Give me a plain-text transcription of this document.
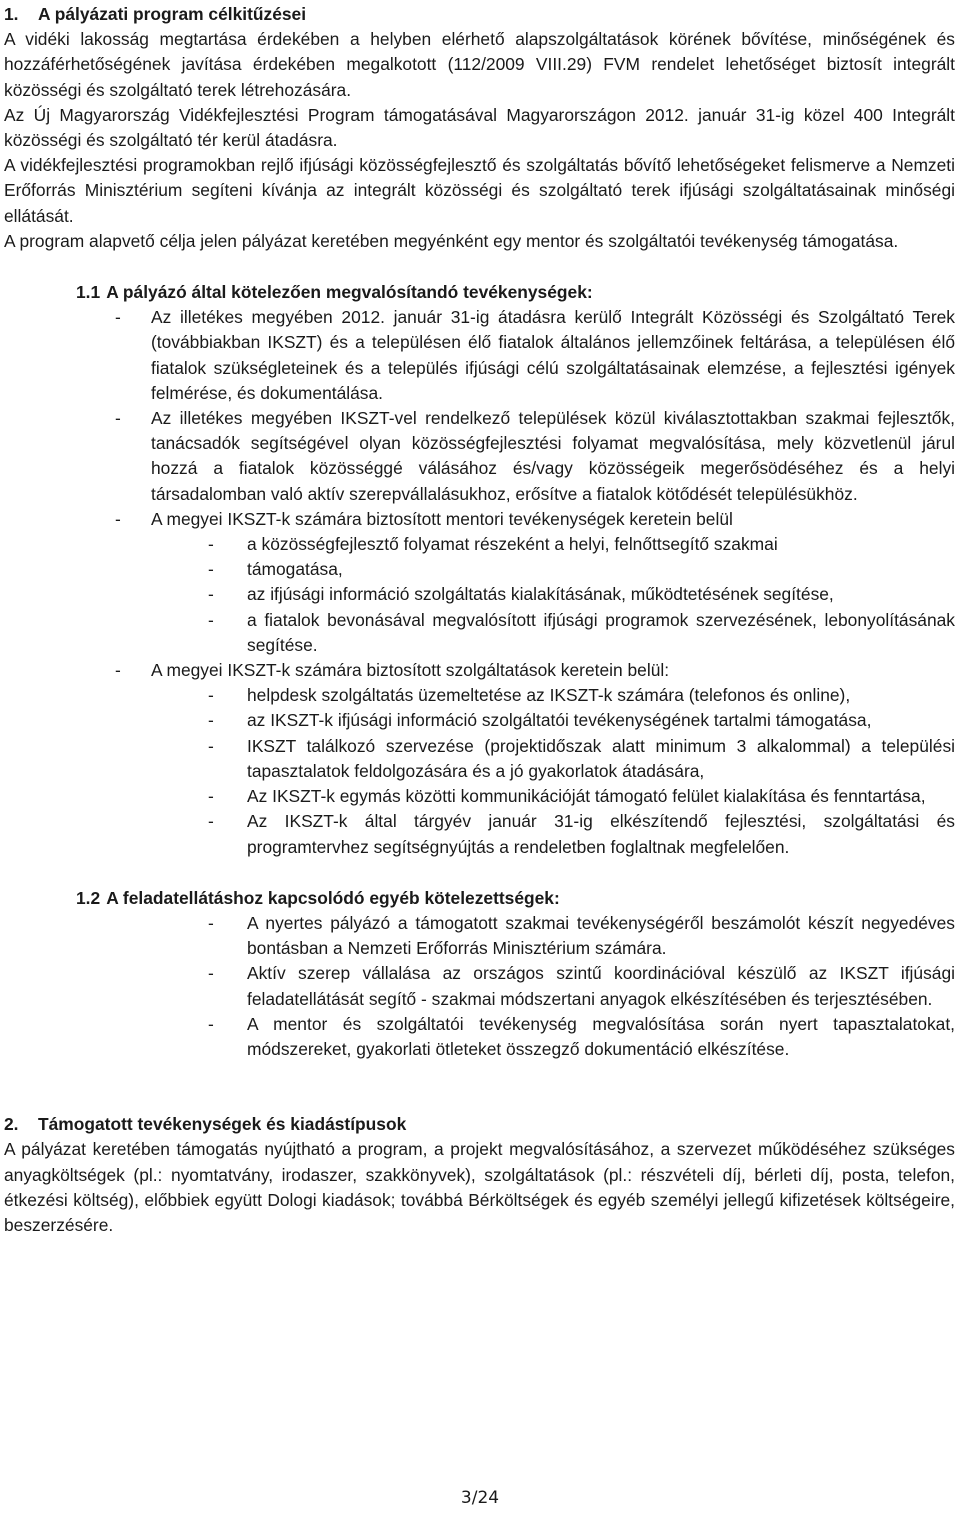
1. A pályázati program célkitűzései

A vidéki lakosság megtartása érdekében a helyben elérhető alapszolgáltatások körének bővítése, minőségének és hozzáférhetőségének javítása érdekében megalkotott (112/2009 VIII.29) FVM rendelet lehetőséget biztosít integrált közösségi és szolgáltató terek létrehozására.

Az Új Magyarország Vidékfejlesztési Program támogatásával Magyarországon 2012. január 31-ig közel 400 Integrált közösségi és szolgáltató tér kerül átadásra.

A vidékfejlesztési programokban rejlő ifjúsági közösségfejlesztő és szolgáltatás bővítő lehetőségeket felismerve a Nemzeti Erőforrás Minisztérium segíteni kívánja az integrált közösségi és szolgáltató terek ifjúsági szolgáltatásainak minőségi ellátását.

A program alapvető célja jelen pályázat keretében megyénként egy mentor és szolgáltatói tevékenység támogatása.

1.1 A pályázó által kötelezően megvalósítandó tevékenységek:
- Az illetékes megyében 2012. január 31-ig átadásra kerülő Integrált Közösségi és Szolgáltató Terek (továbbiakban IKSZT) és a településen élő fiatalok általános jellemzőinek feltárása, a településen élő fiatalok szükségleteinek és a település ifjúsági célú szolgáltatásainak elemzése, a fejlesztési igények felmérése, és dokumentálása.
- Az illetékes megyében IKSZT-vel rendelkező települések közül kiválasztottakban szakmai fejlesztők, tanácsadók segítségével olyan közösségfejlesztési folyamat megvalósítása, mely közvetlenül járul hozzá a fiatalok közösséggé válásához és/vagy közösségeik megerősödéséhez és a helyi társadalomban való aktív szerepvállalásukhoz, erősítve a fiatalok kötődését településükhöz.
- A megyei IKSZT-k számára biztosított mentori tevékenységek keretein belül
- a közösségfejlesztő folyamat részeként a helyi, felnőttsegítő szakmai
- támogatása,
- az ifjúsági információ szolgáltatás kialakításának, működtetésének segítése,
- a fiatalok bevonásával megvalósított ifjúsági programok szervezésének, lebonyolításának segítése.
- A megyei IKSZT-k számára biztosított szolgáltatások keretein belül:
- helpdesk szolgáltatás üzemeltetése az IKSZT-k számára (telefonos és online),
- az IKSZT-k ifjúsági információ szolgáltatói tevékenységének tartalmi támogatása,
- IKSZT találkozó szervezése (projektidőszak alatt minimum 3 alkalommal) a települési tapasztalatok feldolgozására és a jó gyakorlatok átadására,
- Az IKSZT-k egymás közötti kommunikációját támogató felület kialakítása és fenntartása,
- Az IKSZT-k által tárgyév január 31-ig elkészítendő fejlesztési, szolgáltatási és programtervhez segítségnyújtás a rendeletben foglaltnak megfelelően.
1.2 A feladatellátáshoz kapcsolódó egyéb kötelezettségek:
- A nyertes pályázó a támogatott szakmai tevékenységéről beszámolót készít negyedéves bontásban a Nemzeti Erőforrás Minisztérium számára.
- Aktív szerep vállalása az országos szintű koordinációval készülő az IKSZT ifjúsági feladatellátását segítő - szakmai módszertani anyagok elkészítésében és terjesztésében.
- A mentor és szolgáltatói tevékenység megvalósítása során nyert tapasztalatokat, módszereket, gyakorlati ötleteket összegző dokumentáció elkészítése.
2. Támogatott tevékenységek és kiadástípusok

A pályázat keretében támogatás nyújtható a program, a projekt megvalósításához, a szervezet működéséhez szükséges anyagköltségek (pl.: nyomtatvány, irodaszer, szakkönyvek), szolgáltatások (pl.: részvételi díj, bérleti díj, posta, telefon, étkezési költség), előbbiek együtt Dologi kiadások; továbbá Bérköltségek és egyéb személyi jellegű kifizetések költségeire, beszerzésére.

3/24
